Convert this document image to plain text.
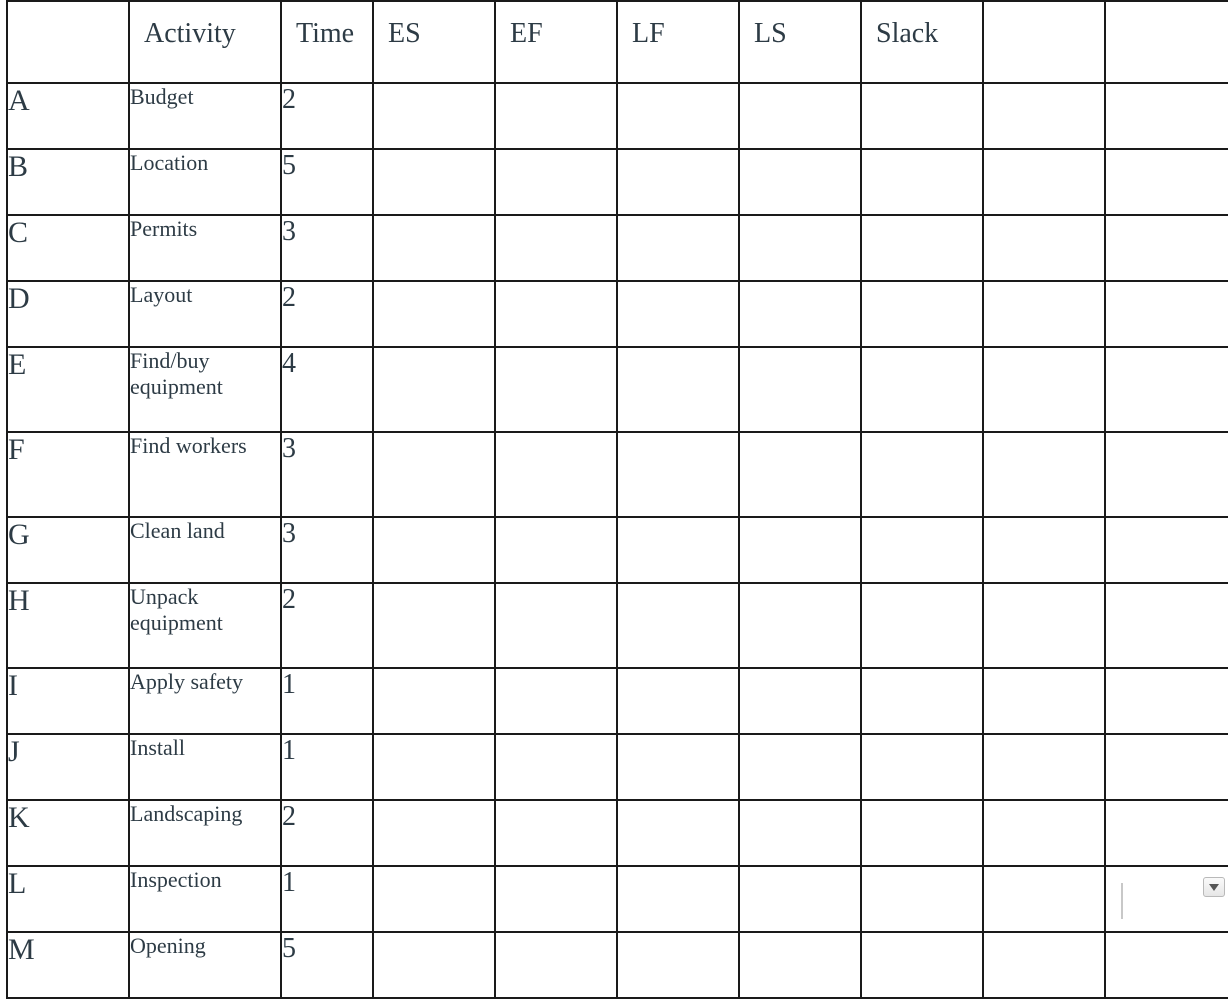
	Activity	Time	ES	EF	LF	LS	Slack		
A	Budget	2							
B	Location	5							
C	Permits	3							
D	Layout	2							
E	Find/buy equipment	4							
F	Find workers	3							
G	Clean land	3							
H	Unpack equipment	2							
I	Apply safety	1							
J	Install	1							
K	Landscaping	2							
L	Inspection	1							

M	Opening	5							
